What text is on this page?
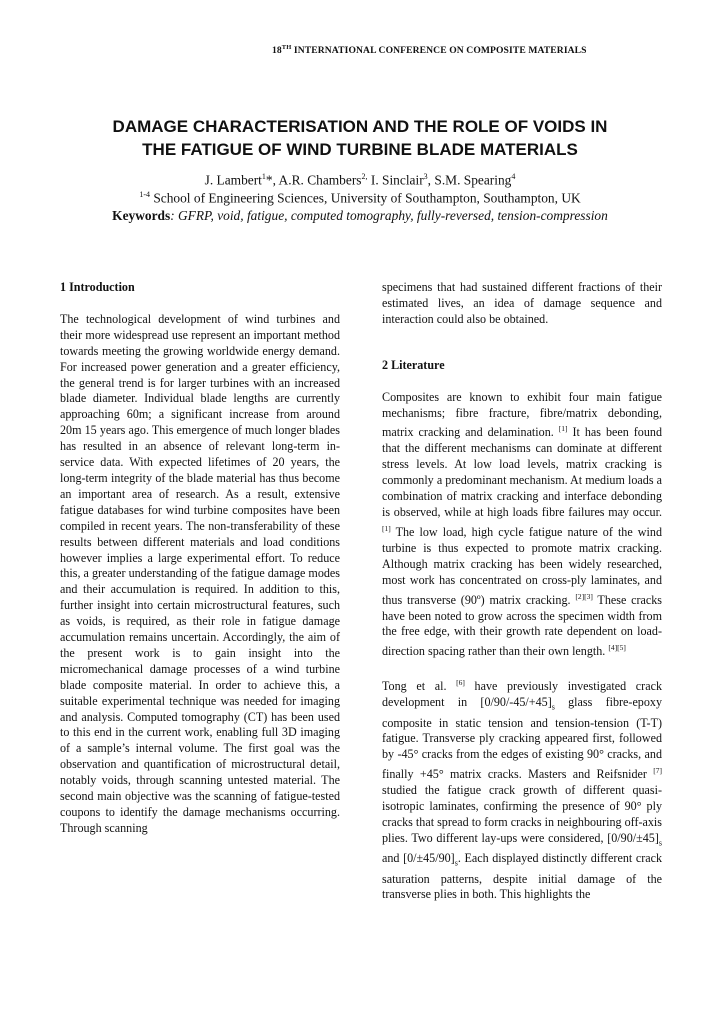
18TH INTERNATIONAL CONFERENCE ON COMPOSITE MATERIALS
DAMAGE CHARACTERISATION AND THE ROLE OF VOIDS IN
THE FATIGUE OF WIND TURBINE BLADE MATERIALS
J. Lambert$^1$*, A.R. Chambers$^{2,}$ I. Sinclair$^3$, S.M. Spearing$^4$
$^{1-4}$ School of Engineering Sciences, University of Southampton, Southampton, UK
Keywords: GFRP, void, fatigue, computed tomography, fully-reversed, tension-compression

1 Introduction

The technological development of wind turbines and their more widespread use represent an important method towards meeting the growing worldwide energy demand. For increased power generation and a greater efficiency, the general trend is for larger turbines with an increased blade diameter. Individual blade lengths are currently approaching 60m; a significant increase from around 20m 15 years ago. This emergence of much longer blades has resulted in an absence of relevant long-term in-service data. With expected lifetimes of 20 years, the long-term integrity of the blade material has thus become an important area of research. As a result, extensive fatigue databases for wind turbine composites have been compiled in recent years. The non-transferability of these results between different materials and load conditions however implies a large experimental effort. To reduce this, a greater understanding of the fatigue damage modes and their accumulation is required. In addition to this, further insight into certain microstructural features, such as voids, is required, as their role in fatigue damage accumulation remains uncertain. Accordingly, the aim of the present work is to gain insight into the micromechanical damage processes of a wind turbine blade composite material. In order to achieve this, a suitable experimental technique was needed for imaging and analysis. Computed tomography (CT) has been used to this end in the current work, enabling full 3D imaging of a sample’s internal volume. The first goal was the observation and quantification of microstructural detail, notably voids, through scanning untested material. The second main objective was the scanning of fatigue-tested coupons to identify the damage mechanisms occurring. Through scanning

specimens that had sustained different fractions of their estimated lives, an idea of damage sequence and interaction could also be obtained.

2 Literature

Composites are known to exhibit four main fatigue mechanisms; fibre fracture, fibre/matrix debonding, matrix cracking and delamination. [1] It has been found that the different mechanisms can dominate at different stress levels. At low load levels, matrix cracking is commonly a predominant mechanism. At medium loads a combination of matrix cracking and interface debonding is observed, while at high loads fibre failures may occur. [1] The low load, high cycle fatigue nature of the wind turbine is thus expected to promote matrix cracking. Although matrix cracking has been widely researched, most work has concentrated on cross-ply laminates, and thus transverse (90º) matrix cracking. [2][3] These cracks have been noted to grow across the specimen width from the free edge, with their growth rate dependent on load-direction spacing rather than their own length. [4][5]

Tong et al. [6] have previously investigated crack development in $[0/90/-45/+45]_s$ glass fibre-epoxy composite in static tension and tension-tension (T-T) fatigue. Transverse ply cracking appeared first, followed by -45° cracks from the edges of existing 90° cracks, and finally +45° matrix cracks. Masters and Reifsnider [7] studied the fatigue crack growth of different quasi-isotropic laminates, confirming the presence of 90° ply cracks that spread to form cracks in neighbouring off-axis plies. Two different lay-ups were considered, $[0/90/\pm 45]_s$ and $[0/\pm 45/90]_s$. Each displayed distinctly different crack saturation patterns, despite initial damage of the transverse plies in both. This highlights the
